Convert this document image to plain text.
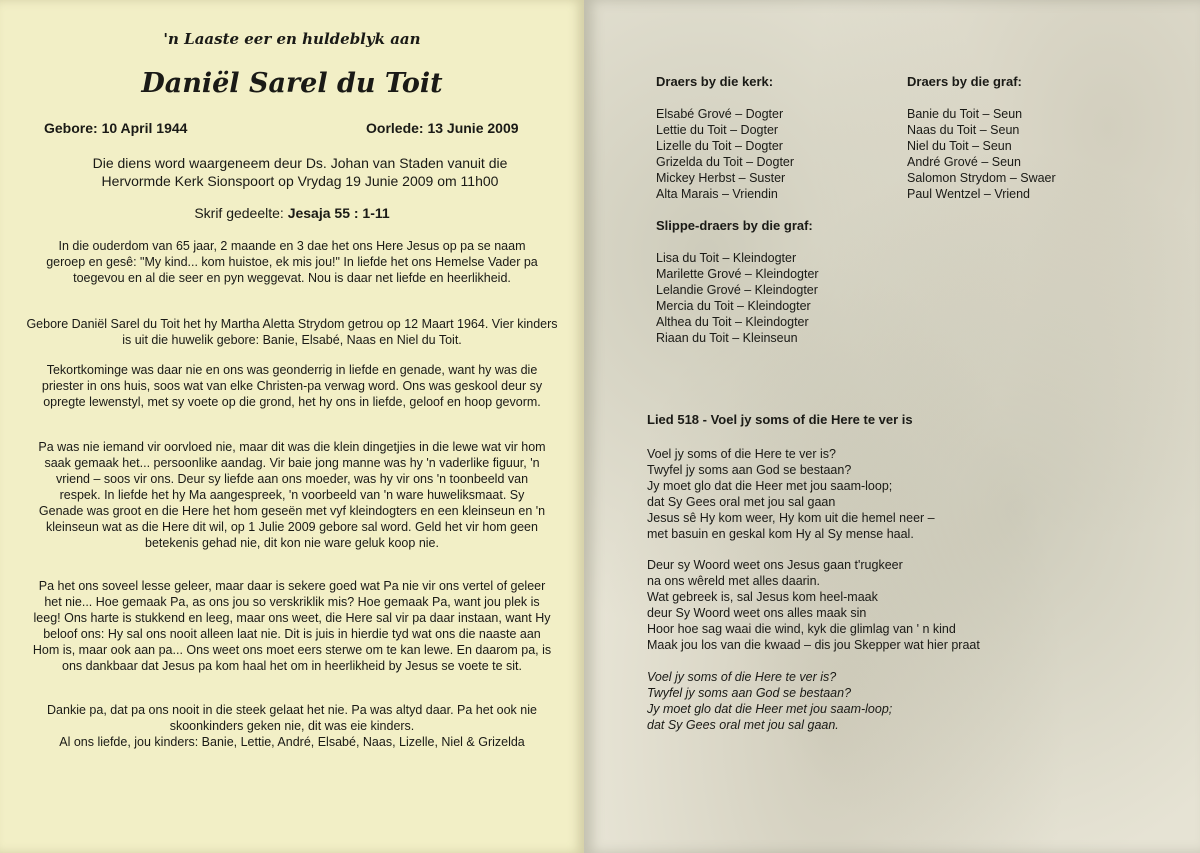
'n Laaste eer en huldeblyk aan
Daniël Sarel du Toit
Gebore: 10 April 1944	Oorlede: 13 Junie 2009
Die diens word waargeneem deur Ds. Johan van Staden vanuit die
Hervormde Kerk Sionspoort op Vrydag 19 Junie 2009 om 11h00
Skrif gedeelte: Jesaja 55 : 1-11

In die ouderdom van 65 jaar, 2 maande en 3 dae het ons Here Jesus op pa se naam geroep en gesê: "My kind... kom huistoe, ek mis jou!" In liefde het ons Hemelse Vader pa toegevou en al die seer en pyn weggevat. Nou is daar net liefde en heerlikheid.

Gebore Daniël Sarel du Toit het hy Martha Aletta Strydom getrou op 12 Maart 1964. Vier kinders is uit die huwelik gebore: Banie, Elsabé, Naas en Niel du Toit.

Tekortkominge was daar nie en ons was geonderrig in liefde en genade, want hy was die priester in ons huis, soos wat van elke Christen-pa verwag word. Ons was geskool deur sy opregte lewenstyl, met sy voete op die grond, het hy ons in liefde, geloof en hoop gevorm.

Pa was nie iemand vir oorvloed nie, maar dit was die klein dingetjies in die lewe wat vir hom saak gemaak het... persoonlike aandag. Vir baie jong manne was hy 'n vaderlike figuur, 'n vriend – soos vir ons. Deur sy liefde aan ons moeder, was hy vir ons 'n toonbeeld van respek. In liefde het hy Ma aangespreek, 'n voorbeeld van 'n ware huweliksmaat. Sy Genade was groot en die Here het hom geseën met vyf kleindogters en een kleinseun en 'n kleinseun wat as die Here dit wil, op 1 Julie 2009 gebore sal word. Geld het vir hom geen betekenis gehad nie, dit kon nie ware geluk koop nie.

Pa het ons soveel lesse geleer, maar daar is sekere goed wat Pa nie vir ons vertel of geleer het nie... Hoe gemaak Pa, as ons jou so verskriklik mis? Hoe gemaak Pa, want jou plek is leeg! Ons harte is stukkend en leeg, maar ons weet, die Here sal vir pa daar instaan, want Hy beloof ons: Hy sal ons nooit alleen laat nie. Dit is juis in hierdie tyd wat ons die naaste aan Hom is, maar ook aan pa... Ons weet ons moet eers sterwe om te kan lewe. En daarom pa, is ons dankbaar dat Jesus pa kom haal het om in heerlikheid by Jesus se voete te sit.

Dankie pa, dat pa ons nooit in die steek gelaat het nie. Pa was altyd daar. Pa het ook nie skoonkinders geken nie, dit was eie kinders.

Al ons liefde, jou kinders: Banie, Lettie, André, Elsabé, Naas, Lizelle, Niel & Grizelda
Draers by die kerk:
Elsabé Grové – Dogter
Lettie du Toit – Dogter
Lizelle du Toit – Dogter
Grizelda du Toit – Dogter
Mickey Herbst – Suster
Alta Marais – Vriendin
Draers by die graf:
Banie du Toit – Seun
Naas du Toit – Seun
Niel du Toit – Seun
André Grové – Seun
Salomon Strydom – Swaer
Paul Wentzel – Vriend
Slippe-draers by die graf:
Lisa du Toit – Kleindogter
Marilette Grové – Kleindogter
Lelandie Grové – Kleindogter
Mercia du Toit – Kleindogter
Althea du Toit – Kleindogter
Riaan du Toit – Kleinseun
Lied 518 - Voel jy soms of die Here te ver is
Voel jy soms of die Here te ver is?
Twyfel jy soms aan God se bestaan?
Jy moet glo dat die Heer met jou saam-loop;
dat Sy Gees oral met jou sal gaan
Jesus sê Hy kom weer, Hy kom uit die hemel neer –
met basuin en geskal kom Hy al Sy mense haal.
Deur sy Woord weet ons Jesus gaan t'rugkeer
na ons wêreld met alles daarin.
Wat gebreek is, sal Jesus kom heel-maak
deur Sy Woord weet ons alles maak sin
Hoor hoe sag waai die wind, kyk die glimlag van ' n kind
Maak jou los van die kwaad – dis jou Skepper wat hier praat
Voel jy soms of die Here te ver is?
Twyfel jy soms aan God se bestaan?
Jy moet glo dat die Heer met jou saam-loop;
dat Sy Gees oral met jou sal gaan.
